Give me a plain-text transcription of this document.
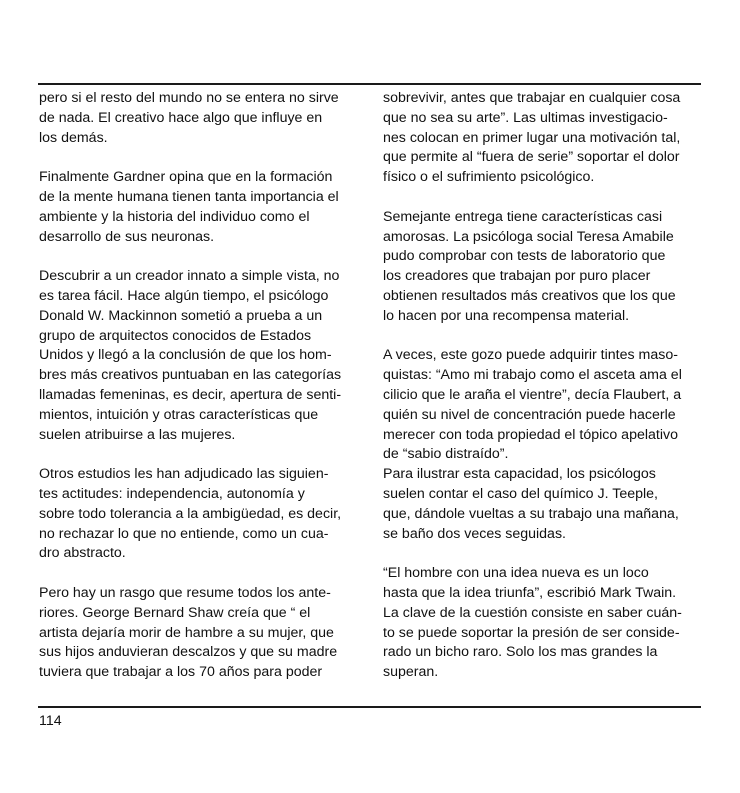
pero si el resto del mundo no se entera no sirve
de nada. El creativo hace algo que influye en
los demás.
Finalmente Gardner opina que en la formación
de la mente humana tienen tanta importancia el
ambiente y la historia del individuo como el
desarrollo de sus neuronas.
Descubrir a un creador innato a simple vista, no
es tarea fácil. Hace algún tiempo, el psicólogo
Donald W. Mackinnon sometió a prueba a un
grupo de arquitectos conocidos de Estados
Unidos y llegó a la conclusión de que los hom-
bres más creativos puntuaban en las categorías
llamadas femeninas, es decir, apertura de senti-
mientos, intuición y otras características que
suelen atribuirse a las mujeres.
Otros estudios les han adjudicado las siguien-
tes actitudes: independencia, autonomía y
sobre todo tolerancia a la ambigüedad, es decir,
no rechazar lo que no entiende, como un cua-
dro abstracto.
Pero hay un rasgo que resume todos los ante-
riores. George Bernard Shaw creía que “ el
artista dejaría morir de hambre a su mujer, que
sus hijos anduvieran descalzos y que su madre
tuviera que trabajar a los 70 años para poder
sobrevivir, antes que trabajar en cualquier cosa
que no sea su arte”. Las ultimas investigacio-
nes colocan en primer lugar una motivación tal,
que permite al “fuera de serie” soportar el dolor
físico o el sufrimiento psicológico.
Semejante entrega tiene características casi
amorosas. La psicóloga social Teresa Amabile
pudo comprobar con tests de laboratorio que
los creadores que trabajan por puro placer
obtienen resultados más creativos que los que
lo hacen por una recompensa material.
A veces, este gozo puede adquirir tintes maso-
quistas: “Amo mi trabajo como el asceta ama el
cilicio que le araña el vientre”, decía Flaubert, a
quién su nivel de concentración puede hacerle
merecer con toda propiedad el tópico apelativo
de “sabio distraído”.
Para ilustrar esta capacidad, los psicólogos
suelen contar el caso del químico J. Teeple,
que, dándole vueltas a su trabajo una mañana,
se baño dos veces seguidas.
“El hombre con una idea nueva es un loco
hasta que la idea triunfa”, escribió Mark Twain.
La clave de la cuestión consiste en saber cuán-
to se puede soportar la presión de ser conside-
rado un bicho raro. Solo los mas grandes la
superan.
114
